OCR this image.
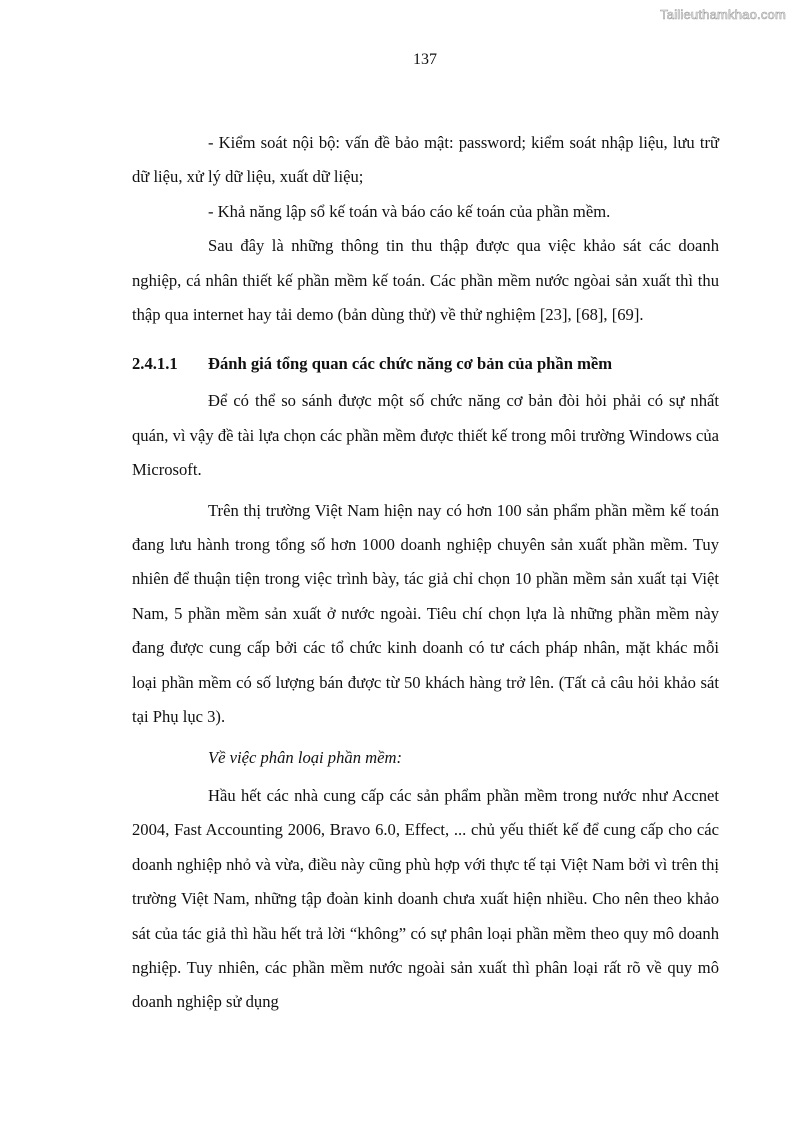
Tailieuthamkhao.com
137

- Kiểm soát nội bộ: vấn đề bảo mật: password; kiểm soát nhập liệu, lưu trữ dữ liệu, xử lý dữ liệu, xuất dữ liệu;

- Khả năng lập sổ kế toán và báo cáo kế toán của phần mềm.

Sau đây là những thông tin thu thập được qua việc khảo sát các doanh nghiệp, cá nhân thiết kế phần mềm kế toán. Các phần mềm nước ngòai sản xuất thì thu thập qua internet hay tải demo (bản dùng thử) về thử nghiệm [23], [68], [69].

2.4.1.1	Đánh giá tổng quan các chức năng cơ bản của phần mềm

Để có thể so sánh được một số chức năng cơ bản đòi hỏi phải có sự nhất quán, vì vậy đề tài lựa chọn các phần mềm được thiết kế trong môi trường Windows của Microsoft.

Trên thị trường Việt Nam hiện nay có hơn 100 sản phẩm phần mềm kế toán đang lưu hành trong tổng số hơn 1000 doanh nghiệp chuyên sản xuất phần mềm. Tuy nhiên để thuận tiện trong việc trình bày, tác giả chỉ chọn 10 phần mềm sản xuất tại Việt Nam, 5 phần mềm sản xuất ở nước ngoài. Tiêu chí chọn lựa là những phần mềm này đang được cung cấp bởi các tổ chức kinh doanh có tư cách pháp nhân, mặt khác mỗi loại phần mềm có số lượng bán được từ 50 khách hàng trở lên. (Tất cả câu hỏi khảo sát tại Phụ lục 3).

Về việc phân loại phần mềm:

Hầu hết các nhà cung cấp các sản phẩm phần mềm trong nước như Accnet 2004, Fast Accounting 2006, Bravo 6.0, Effect, ... chủ yếu thiết kế để cung cấp cho các doanh nghiệp nhỏ và vừa, điều này cũng phù hợp với thực tế tại Việt Nam bởi vì trên thị trường Việt Nam, những tập đoàn kinh doanh chưa xuất hiện nhiều. Cho nên theo khảo sát của tác giả thì hầu hết trả lời “không” có sự phân loại phần mềm theo quy mô doanh nghiệp. Tuy nhiên, các phần mềm nước ngoài sản xuất thì phân loại rất rõ về quy mô doanh nghiệp sử dụng
